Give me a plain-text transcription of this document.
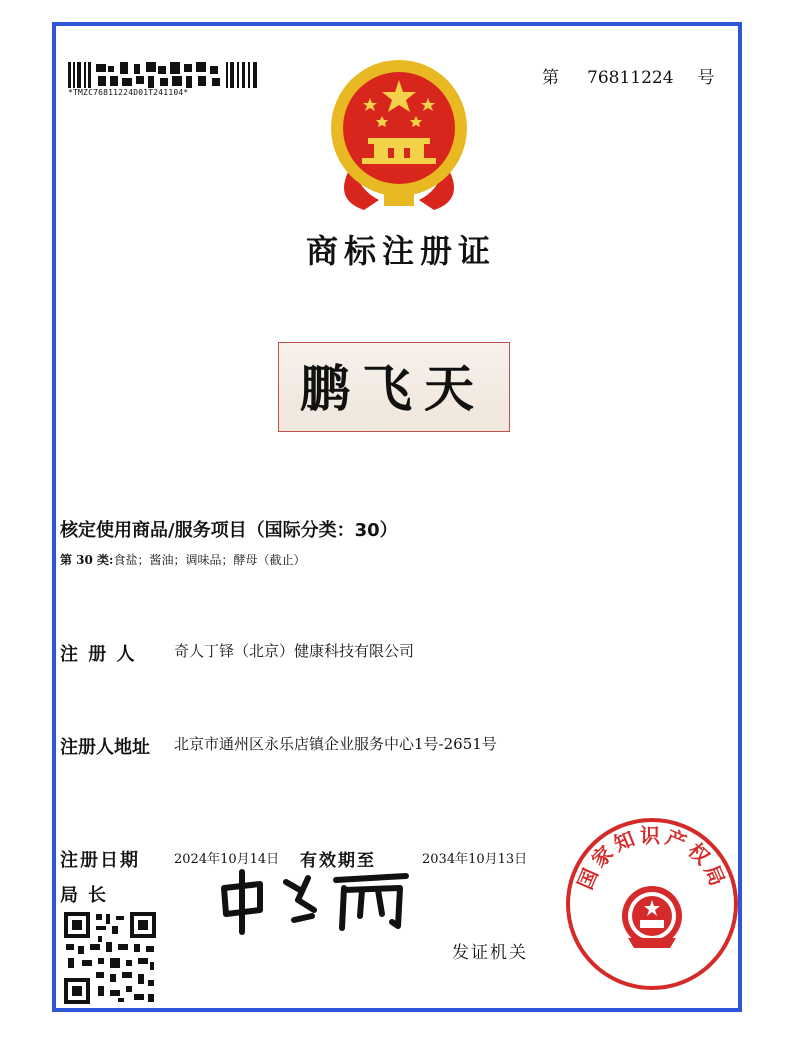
*TMZC76811224D01T241104*
第 76811224 号
商标注册证
鹏飞天
核定使用商品/服务项目（国际分类：30）
第 30 类:食盐；酱油；调味品；酵母（截止）
注 册 人 奇人丁铎（北京）健康科技有限公司
注册人地址 北京市通州区永乐店镇企业服务中心1号-2651号
注册日期	2024年10月14日 有效期至	2034年10月13日
局长
发证机关
国家知识产权局
